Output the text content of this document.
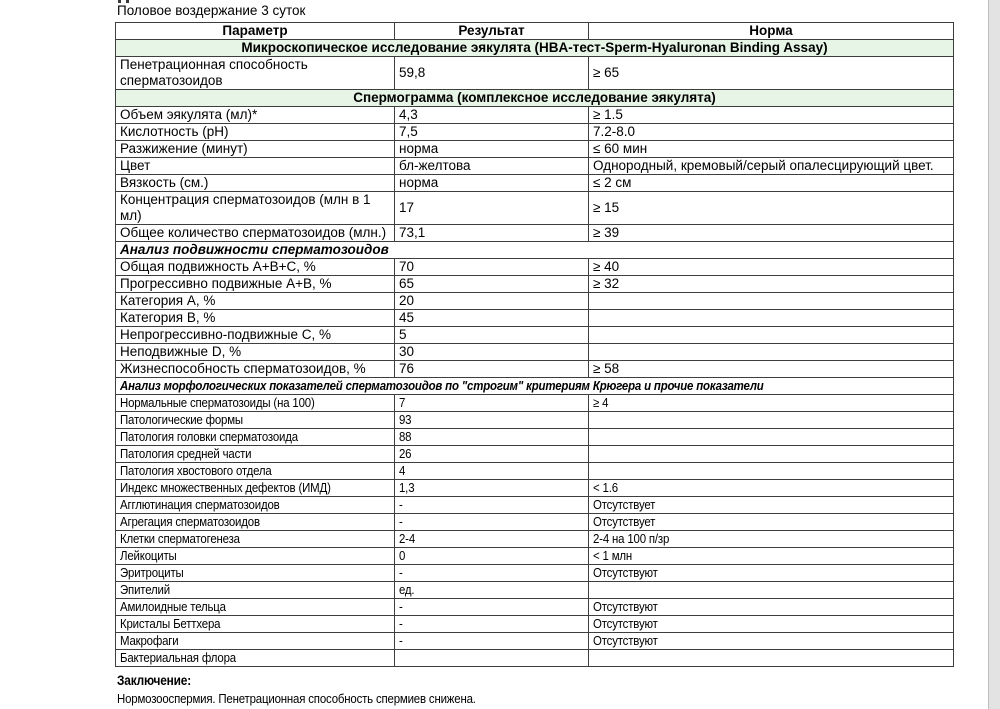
Половое воздержание 3 суток

Параметр	Результат	Норма
Микроскопическое исследование эякулята (HBA-тест-Sperm-Hyaluronan Binding Assay)		
Пенетрационная способность сперматозоидов	59,8	≥ 65
Спермограмма (комплексное исследование эякулята)		
Объем эякулята (мл)*	4,3	≥ 1.5
Кислотность (pH)	7,5	7.2-8.0
Разжижение (минут)	норма	≤ 60 мин
Цвет	бл-желтова	Однородный, кремовый/серый опалесцирующий цвет.
Вязкость (см.)	норма	≤ 2 см
Концентрация сперматозоидов (млн в 1 мл)	17	≥ 15
Общее количество сперматозоидов (млн.)	73,1	≥ 39
Анализ подвижности сперматозоидов		
Общая подвижность A+B+C, %	70	≥ 40
Прогрессивно подвижные A+B, %	65	≥ 32
Категория A, %	20	
Категория B, %	45	
Непрогрессивно-подвижные C, %	5	
Неподвижные D, %	30	
Жизнеспособность сперматозоидов, %	76	≥ 58
Анализ морфологических показателей сперматозоидов по "строгим" критериям Крюгера и прочие показатели		
Нормальные сперматозоиды (на 100)	7	≥ 4
Патологические формы	93	
Патология головки сперматозоида	88	
Патология средней части	26	
Патология хвостового отдела	4	
Индекс множественных дефектов (ИМД)	1,3	< 1.6
Агглютинация сперматозоидов	-	Отсутствует
Агрегация сперматозоидов	-	Отсутствует
Клетки сперматогенеза	2-4	2-4 на 100 п/зр
Лейкоциты	0	< 1 млн
Эритроциты	-	Отсутствуют
Эпителий	ед.	
Амилоидные тельца	-	Отсутствуют
Кристалы Беттхера	-	Отсутствуют
Макрофаги	-	Отсутствуют
Бактериальная флора		
Заключение:
Нормозооспермия. Пенетрационная способность спермиев снижена.
